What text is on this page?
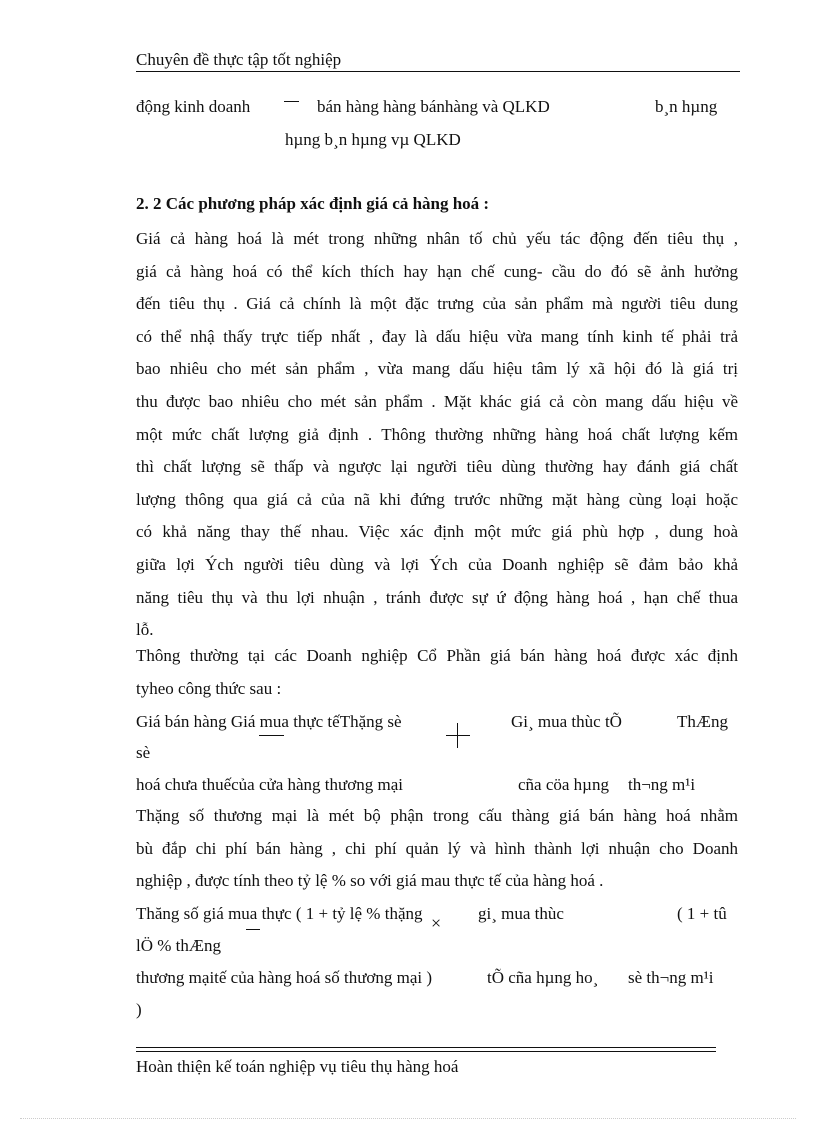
Chuyên đề thực tập tốt nghiệp
động kinh doanh	bán hàng hàng bánhàng và QLKD	b¸n hµng
hµng b¸n hµng vµ QLKD
2. 2 Các phương pháp xác định giá cả hàng hoá :
Giá cả hàng hoá là mét trong những nhân tố chủ yếu tác động đến tiêu thụ ,
giá cả hàng hoá có thể kích thích hay hạn chế cung- cầu do đó sẽ ảnh hưởng
đến tiêu thụ . Giá cả chính là một đặc trưng của sản phẩm mà người tiêu dung
có thể nhậ thấy trực tiếp nhất , đay là dấu hiệu vừa mang tính kinh tế phải trả
bao nhiêu cho mét sản phẩm , vừa mang dấu hiệu tâm lý xã hội đó là giá trị
thu được bao nhiêu cho mét sản phẩm . Mặt khác giá cả còn mang dấu hiệu về
một mức chất lượng giả định . Thông thường những hàng hoá chất lượng kếm
thì chất lượng sẽ thấp và ngược lại người tiêu dùng thường hay đánh giá chất
lượng thông qua giá cả của nã khi đứng trước những mặt hàng cùng loại hoặc
có khả năng thay thế nhau. Việc xác định một mức giá phù hợp , dung hoà
giữa lợi Ých người tiêu dùng và lợi Ých của Doanh nghiệp sẽ đảm bảo khả
năng tiêu thụ và thu lợi nhuận , tránh được sự ứ động hàng hoá , hạn chế thua
lỗ.
Thông thường tại các Doanh nghiệp Cổ Phần giá bán hàng hoá được xác định
tyheo công thức sau :
Giá bán hàng Giá mua thực tếThặng sè	Gi¸ mua thùc tÕ	ThÆng
sè
hoá chưa thuếcủa cửa hàng thương mại	cña cöa hµng th¬ng m¹i
Thặng số thương mại là mét bộ phận trong cấu thàng giá bán hàng hoá nhằm
bù đắp chi phí bán hàng , chi phí quản lý và hình thành lợi nhuận cho Doanh
nghiệp , được tính theo tỷ lệ % so với giá mau thực tế của hàng hoá .
Thăng số giá mua thực ( 1 + tỷ lệ % thặng × gi¸ mua thùc	( 1 + tû
lÖ % thÆng
thương mạitế của hàng hoá số thương mại )	tÕ cña hµng ho¸ sè th¬ng m¹i
)
Hoàn thiện kế toán nghiệp vụ tiêu thụ hàng hoá
